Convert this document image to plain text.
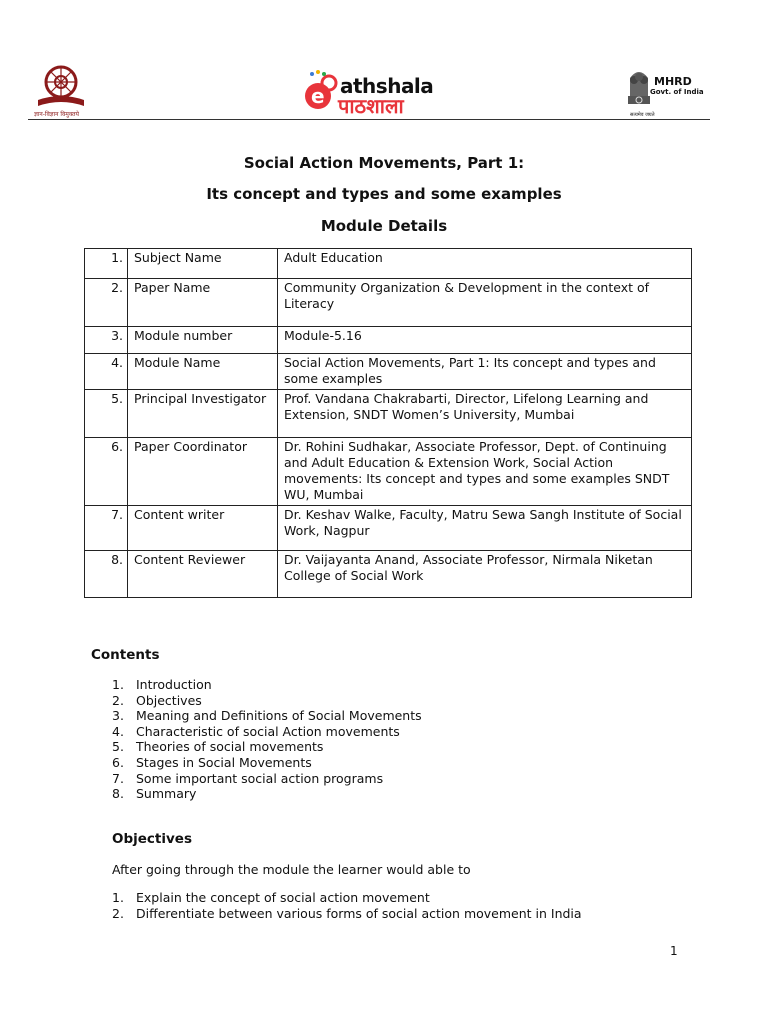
ज्ञान-विज्ञान विमुक्तये
e athshala
पाठशाला
MHRD
Govt. of India
सत्यमेव जयते
Social Action Movements, Part 1:
Its concept and types and some examples
Module Details
1.	Subject Name	Adult Education
2.	Paper Name	Community Organization & Development in the context of Literacy
3.	Module number	Module-5.16
4.	Module Name	Social Action Movements, Part 1: Its concept and types and some examples
5.	Principal Investigator	Prof. Vandana Chakrabarti, Director, Lifelong Learning and Extension, SNDT Women’s University, Mumbai
6.	Paper Coordinator	Dr. Rohini Sudhakar, Associate Professor, Dept. of Continuing and Adult Education & Extension Work, Social Action movements: Its concept and types and some examples SNDT WU, Mumbai
7.	Content writer	Dr. Keshav Walke, Faculty, Matru Sewa Sangh Institute of Social Work, Nagpur
8.	Content Reviewer	Dr. Vaijayanta Anand, Associate Professor, Nirmala Niketan College of Social Work
Contents
1. Introduction
2. Objectives
3. Meaning and Definitions of Social Movements
4. Characteristic of social Action movements
5. Theories of social movements
6. Stages in Social Movements
7. Some important social action programs
8. Summary
Objectives
After going through the module the learner would able to
1. Explain the concept of social action movement
2. Differentiate between various forms of social action movement in India
1
